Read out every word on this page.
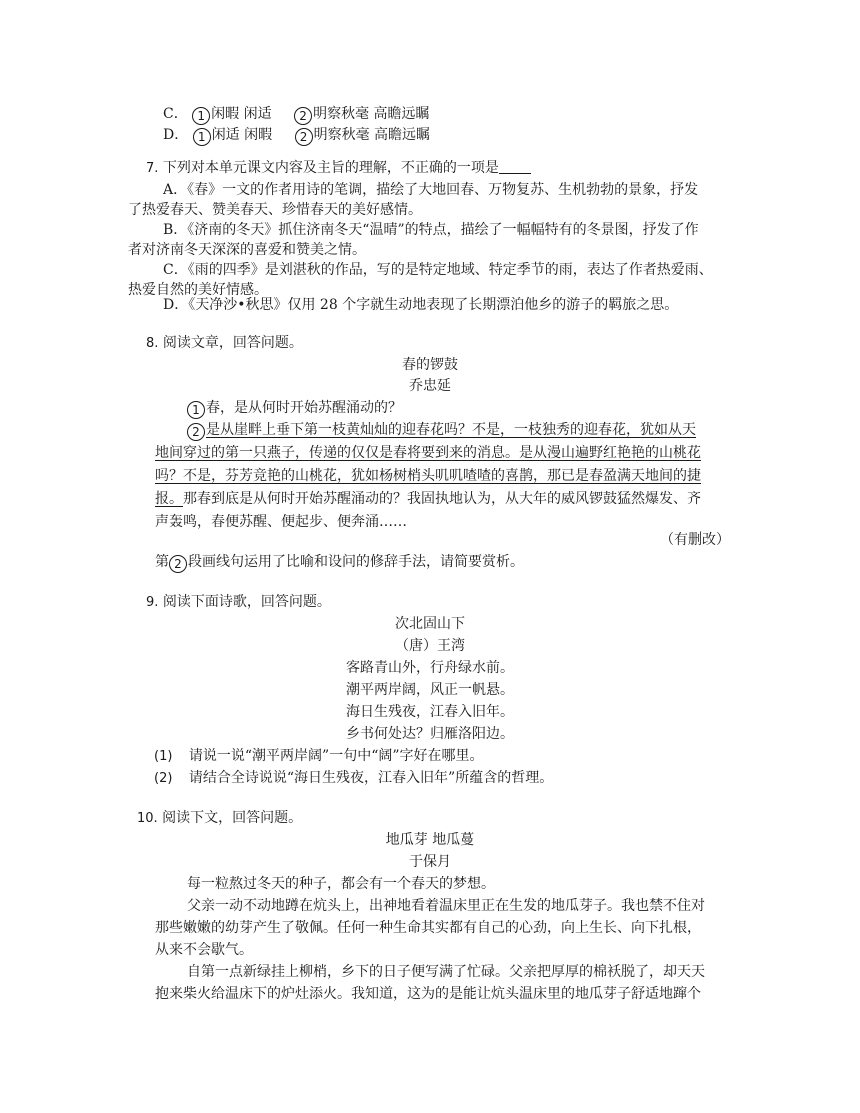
C． 1 闲暇 闲适 2 明察秋毫 高瞻远瞩
D． 1 闲适 闲暇 2 明察秋毫 高瞻远瞩
7. 下列对本单元课文内容及主旨的理解，不正确的一项是
A．《春》一文的作者用诗的笔调，描绘了大地回春、万物复苏、生机勃勃的景象，抒发
了热爱春天、赞美春天、珍惜春天的美好感情。
B．《济南的冬天》抓住济南冬天“温晴”的特点，描绘了一幅幅特有的冬景图，抒发了作
者对济南冬天深深的喜爱和赞美之情。
C．《雨的四季》是刘湛秋的作品，写的是特定地域、特定季节的雨，表达了作者热爱雨、
热爱自然的美好情感。
D．《天净沙•秋思》仅用 28 个字就生动地表现了长期漂泊他乡的游子的羁旅之思。
8. 阅读文章，回答问题。
春的锣鼓
乔忠延
1 春，是从何时开始苏醒涌动的？
2 是从崖畔上垂下第一枝黄灿灿的迎春花吗？不是，一枝独秀的迎春花，犹如从天
地间穿过的第一只燕子，传递的仅仅是春将要到来的消息。是从漫山遍野红艳艳的山桃花
吗？不是，芬芳竞艳的山桃花，犹如杨树梢头叽叽喳喳的喜鹊，那已是春盈满天地间的捷
报。那春到底是从何时开始苏醒涌动的？我固执地认为，从大年的威风锣鼓猛然爆发、齐
声轰鸣，春便苏醒、便起步、便奔涌……
（有删改）
第 2 段画线句运用了比喻和设问的修辞手法，请简要赏析。
9. 阅读下面诗歌，回答问题。
次北固山下
（唐）王湾
客路青山外，行舟绿水前。
潮平两岸阔，风正一帆悬。
海日生残夜，江春入旧年。
乡书何处达？归雁洛阳边。
(1) 请说一说“潮平两岸阔”一句中“阔”字好在哪里。
(2) 请结合全诗说说“海日生残夜，江春入旧年”所蕴含的哲理。
10. 阅读下文，回答问题。
地瓜芽 地瓜蔓
于保月
每一粒熬过冬天的种子，都会有一个春天的梦想。
父亲一动不动地蹲在炕头上，出神地看着温床里正在生发的地瓜芽子。我也禁不住对
那些嫩嫩的幼芽产生了敬佩。任何一种生命其实都有自己的心劲，向上生长、向下扎根，
从来不会歇气。
自第一点新绿挂上柳梢，乡下的日子便写满了忙碌。父亲把厚厚的棉袄脱了，却天天
抱来柴火给温床下的炉灶添火。我知道，这为的是能让炕头温床里的地瓜芽子舒适地蹿个
